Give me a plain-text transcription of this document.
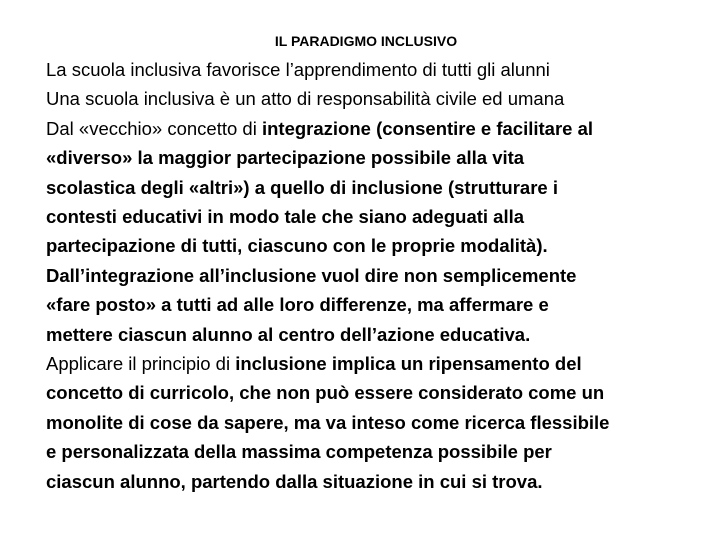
IL PARADIGMO INCLUSIVO
La scuola inclusiva favorisce l’apprendimento di tutti gli alunni
Una scuola inclusiva è un atto di responsabilità civile ed umana
Dal «vecchio» concetto di integrazione (consentire e facilitare al
«diverso» la maggior partecipazione possibile alla vita
scolastica degli «altri») a quello di inclusione (strutturare i
contesti educativi in modo tale che siano adeguati alla
partecipazione di tutti, ciascuno con le proprie modalità).
Dall’integrazione all’inclusione vuol dire non semplicemente
«fare posto» a tutti ad alle loro differenze, ma affermare e
mettere ciascun alunno al centro dell’azione educativa.
Applicare il principio di inclusione implica un ripensamento del
concetto di curricolo, che non può essere considerato come un
monolite di cose da sapere, ma va inteso come ricerca flessibile
e personalizzata della massima competenza possibile per
ciascun alunno, partendo dalla situazione in cui si trova.
